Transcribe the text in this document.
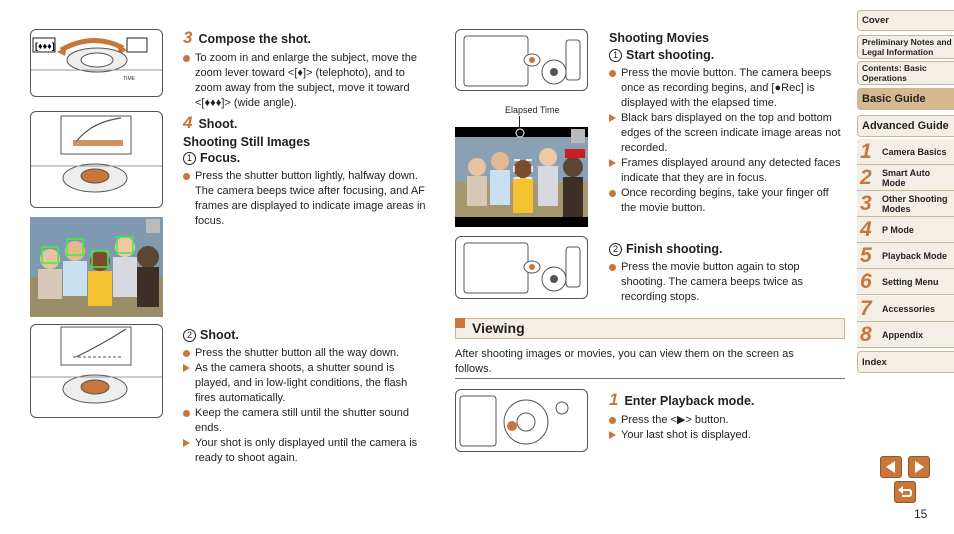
[♦♦♦]
TIME
3 Compose the shot.
To zoom in and enlarge the subject, move the zoom lever toward <[♦]> (telephoto), and to zoom away from the subject, move it toward <[♦♦♦]> (wide angle).
4 Shoot.
Shooting Still Images
1 Focus.
Press the shutter button lightly, halfway down. The camera beeps twice after focusing, and AF frames are displayed to indicate image areas in focus.
2 Shoot.
Press the shutter button all the way down.
As the camera shoots, a shutter sound is played, and in low-light conditions, the flash fires automatically.
Keep the camera still until the shutter sound ends.
Your shot is only displayed until the camera is ready to shoot again.
Elapsed Time
Viewing
After shooting images or movies, you can view them on the screen as follows.
Shooting Movies
1 Start shooting.
Press the movie button. The camera beeps once as recording begins, and [●Rec] is displayed with the elapsed time.
Black bars displayed on the top and bottom edges of the screen indicate image areas not recorded.
Frames displayed around any detected faces indicate that they are in focus.
Once recording begins, take your finger off the movie button.
2 Finish shooting.
Press the movie button again to stop shooting. The camera beeps twice as recording stops.
1 Enter Playback mode.
Press the <▶> button.
Your last shot is displayed.
Cover
Preliminary Notes and Legal Information
Contents: Basic Operations
Basic Guide
Advanced Guide
1 Camera Basics
2 Smart Auto Mode
3 Other Shooting Modes
4 P Mode
5 Playback Mode
6 Setting Menu
7 Accessories
8 Appendix
Index
15
